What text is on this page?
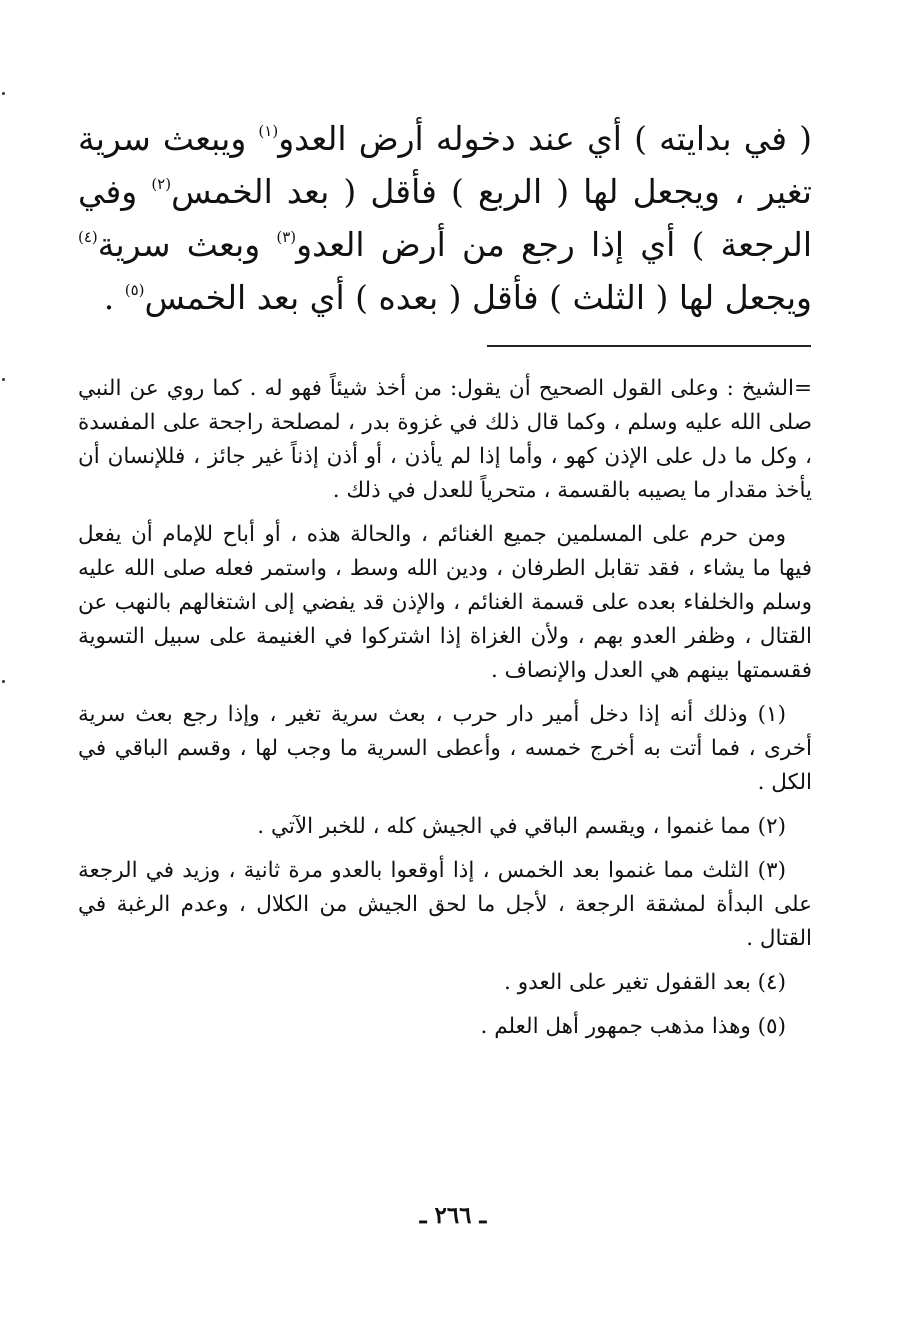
( في بدايته ) أي عند دخوله أرض العدو$^{(١)}$ ويبعث سرية تغير ، ويجعل لها ( الربع ) فأقل ( بعد الخمس$^{(٢)}$ وفي الرجعة ) أي إذا رجع من أرض العدو$^{(٣)}$ وبعث سرية$^{(٤)}$ ويجعل لها ( الثلث ) فأقل ( بعده ) أي بعد الخمس$^{(٥)}$ .

=الشيخ : وعلى القول الصحيح أن يقول: من أخذ شيئاً فهو له . كما روي عن النبي صلى الله عليه وسلم ، وكما قال ذلك في غزوة بدر ، لمصلحة راجحة على المفسدة ، وكل ما دل على الإذن كهو ، وأما إذا لم يأذن ، أو أذن إذناً غير جائز ، فللإنسان أن يأخذ مقدار ما يصيبه بالقسمة ، متحرياً للعدل في ذلك .

ومن حرم على المسلمين جميع الغنائم ، والحالة هذه ، أو أباح للإمام أن يفعل فيها ما يشاء ، فقد تقابل الطرفان ، ودين الله وسط ، واستمر فعله صلى الله عليه وسلم والخلفاء بعده على قسمة الغنائم ، والإذن قد يفضي إلى اشتغالهم بالنهب عن القتال ، وظفر العدو بهم ، ولأن الغزاة إذا اشتركوا في الغنيمة على سبيل التسوية فقسمتها بينهم هي العدل والإنصاف .

(١) وذلك أنه إذا دخل أمير دار حرب ، بعث سرية تغير ، وإذا رجع بعث سرية أخرى ، فما أتت به أخرج خمسه ، وأعطى السرية ما وجب لها ، وقسم الباقي في الكل .

(٢) مما غنموا ، ويقسم الباقي في الجيش كله ، للخبر الآتي .

(٣) الثلث مما غنموا بعد الخمس ، إذا أوقعوا بالعدو مرة ثانية ، وزيد في الرجعة على البدأة لمشقة الرجعة ، لأجل ما لحق الجيش من الكلال ، وعدم الرغبة في القتال .

(٤) بعد القفول تغير على العدو .

(٥) وهذا مذهب جمهور أهل العلم .

ـ ٢٦٦ ـ
